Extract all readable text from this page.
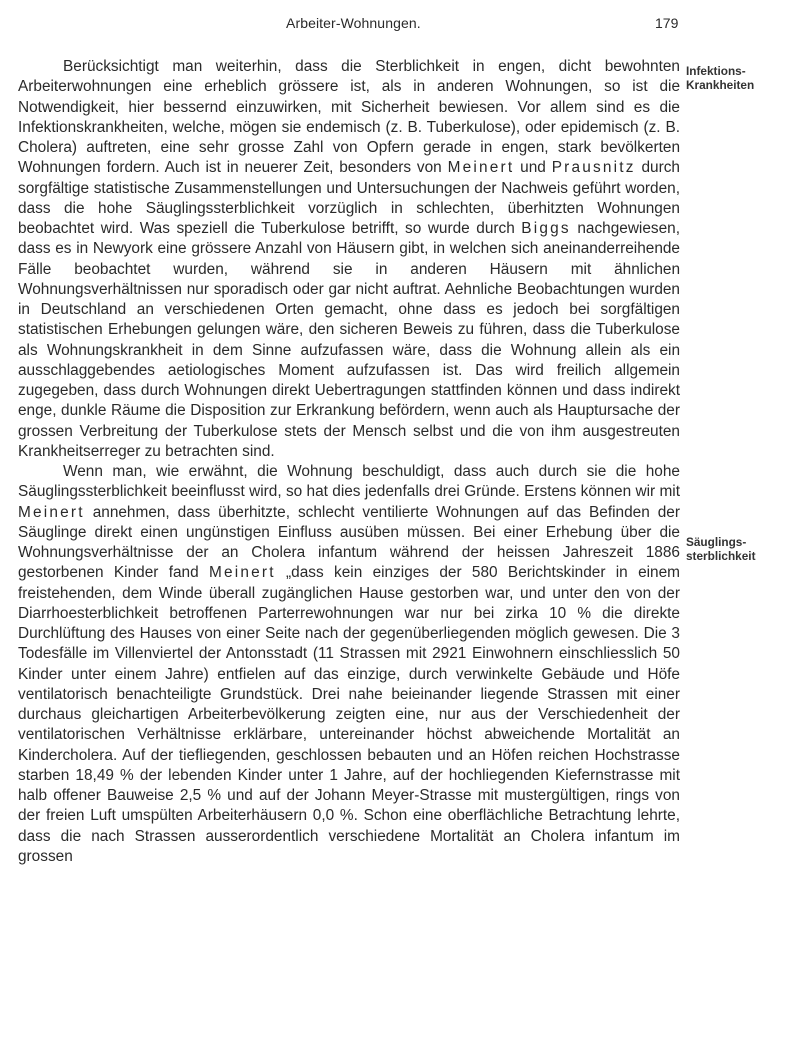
Arbeiter-Wohnungen.	179
Infektions-
Krankheiten
Säuglings-
sterblichkeit

Berücksichtigt man weiterhin, dass die Sterblichkeit in engen, dicht bewohnten Arbeiterwohnungen eine erheblich grössere ist, als in anderen Wohnungen, so ist die Notwendigkeit, hier bessernd einzuwirken, mit Sicherheit bewiesen. Vor allem sind es die Infektionskrankheiten, welche, mögen sie endemisch (z. B. Tuberkulose), oder epidemisch (z. B. Cholera) auftreten, eine sehr grosse Zahl von Opfern gerade in engen, stark bevölkerten Wohnungen fordern. Auch ist in neuerer Zeit, besonders von Meinert und Prausnitz durch sorgfältige statistische Zusammenstellungen und Untersuchungen der Nachweis geführt worden, dass die hohe Säuglingssterblichkeit vorzüglich in schlechten, überhitzten Wohnungen beobachtet wird. Was speziell die Tuberkulose betrifft, so wurde durch Biggs nachgewiesen, dass es in Newyork eine grössere Anzahl von Häusern gibt, in welchen sich aneinanderreihende Fälle beobachtet wurden, während sie in anderen Häusern mit ähnlichen Wohnungsverhältnissen nur sporadisch oder gar nicht auftrat. Aehnliche Beobachtungen wurden in Deutschland an verschiedenen Orten gemacht, ohne dass es jedoch bei sorgfältigen statistischen Erhebungen gelungen wäre, den sicheren Beweis zu führen, dass die Tuberkulose als Wohnungskrankheit in dem Sinne aufzufassen wäre, dass die Wohnung allein als ein ausschlaggebendes aetiologisches Moment aufzufassen ist. Das wird freilich allgemein zugegeben, dass durch Wohnungen direkt Uebertragungen stattfinden können und dass indirekt enge, dunkle Räume die Disposition zur Erkrankung befördern, wenn auch als Hauptursache der grossen Verbreitung der Tuberkulose stets der Mensch selbst und die von ihm ausgestreuten Krankheitserreger zu betrachten sind.

Wenn man, wie erwähnt, die Wohnung beschuldigt, dass auch durch sie die hohe Säuglingssterblichkeit beeinflusst wird, so hat dies jedenfalls drei Gründe. Erstens können wir mit Meinert annehmen, dass überhitzte, schlecht ventilierte Wohnungen auf das Befinden der Säuglinge direkt einen ungünstigen Einfluss ausüben müssen. Bei einer Erhebung über die Wohnungsverhältnisse der an Cholera infantum während der heissen Jahreszeit 1886 gestorbenen Kinder fand Meinert „dass kein einziges der 580 Berichtskinder in einem freistehenden, dem Winde überall zugänglichen Hause gestorben war, und unter den von der Diarrhoesterblichkeit betroffenen Parterrewohnungen war nur bei zirka 10 % die direkte Durchlüftung des Hauses von einer Seite nach der gegenüberliegenden möglich gewesen. Die 3 Todesfälle im Villenviertel der Antonsstadt (11 Strassen mit 2921 Einwohnern einschliesslich 50 Kinder unter einem Jahre) entfielen auf das einzige, durch verwinkelte Gebäude und Höfe ventilatorisch benachteiligte Grundstück. Drei nahe beieinander liegende Strassen mit einer durchaus gleichartigen Arbeiterbevölkerung zeigten eine, nur aus der Verschiedenheit der ventilatorischen Verhältnisse erklärbare, untereinander höchst abweichende Mortalität an Kindercholera. Auf der tiefliegenden, geschlossen bebauten und an Höfen reichen Hochstrasse starben 18,49 % der lebenden Kinder unter 1 Jahre, auf der hochliegenden Kiefernstrasse mit halb offener Bauweise 2,5 % und auf der Johann Meyer-Strasse mit mustergültigen, rings von der freien Luft umspülten Arbeiterhäusern 0,0 %. Schon eine oberflächliche Betrachtung lehrte, dass die nach Strassen ausserordentlich verschiedene Mortalität an Cholera infantum im grossen
